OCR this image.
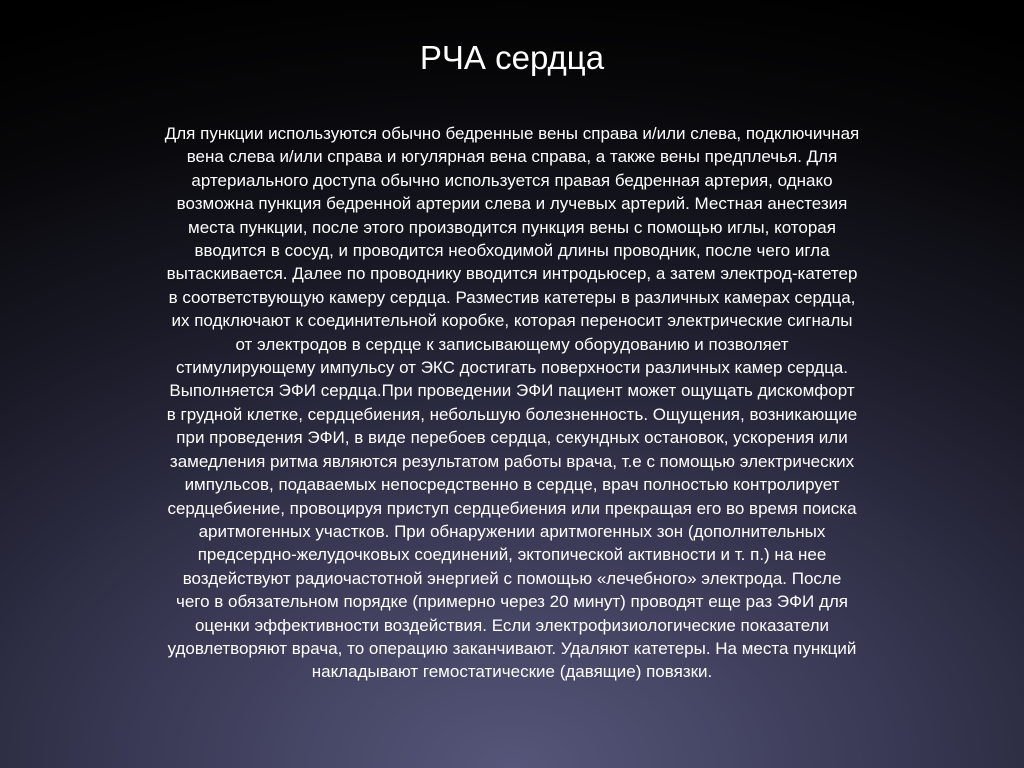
РЧА сердца
Для пункции используются обычно бедренные вены справа и/или слева, подключичная
вена слева и/или справа и югулярная вена справа, а также вены предплечья. Для
артериального доступа обычно используется правая бедренная артерия, однако
возможна пункция бедренной артерии слева и лучевых артерий. Местная анестезия
места пункции, после этого производится пункция вены с помощью иглы, которая
вводится в сосуд, и проводится необходимой длины проводник, после чего игла
вытаскивается. Далее по проводнику вводится интродьюсер, а затем электрод-катетер
в соответствующую камеру сердца. Разместив катетеры в различных камерах сердца,
их подключают к соединительной коробке, которая переносит электрические сигналы
от электродов в сердце к записывающему оборудованию и позволяет
стимулирующему импульсу от ЭКС достигать поверхности различных камер сердца.
Выполняется ЭФИ сердца.При проведении ЭФИ пациент может ощущать дискомфорт
в грудной клетке, сердцебиения, небольшую болезненность. Ощущения, возникающие
при проведения ЭФИ, в виде перебоев сердца, секундных остановок, ускорения или
замедления ритма являются результатом работы врача, т.е с помощью электрических
импульсов, подаваемых непосредственно в сердце, врач полностью контролирует
сердцебиение, провоцируя приступ сердцебиения или прекращая его во время поиска
аритмогенных участков. При обнаружении аритмогенных зон (дополнительных
предсердно-желудочковых соединений, эктопической активности и т. п.) на нее
воздействуют радиочастотной энергией с помощью «лечебного» электрода. После
чего в обязательном порядке (примерно через 20 минут) проводят еще раз ЭФИ для
оценки эффективности воздействия. Если электрофизиологические показатели
удовлетворяют врача, то операцию заканчивают. Удаляют катетеры. На места пункций
накладывают гемостатические (давящие) повязки.
